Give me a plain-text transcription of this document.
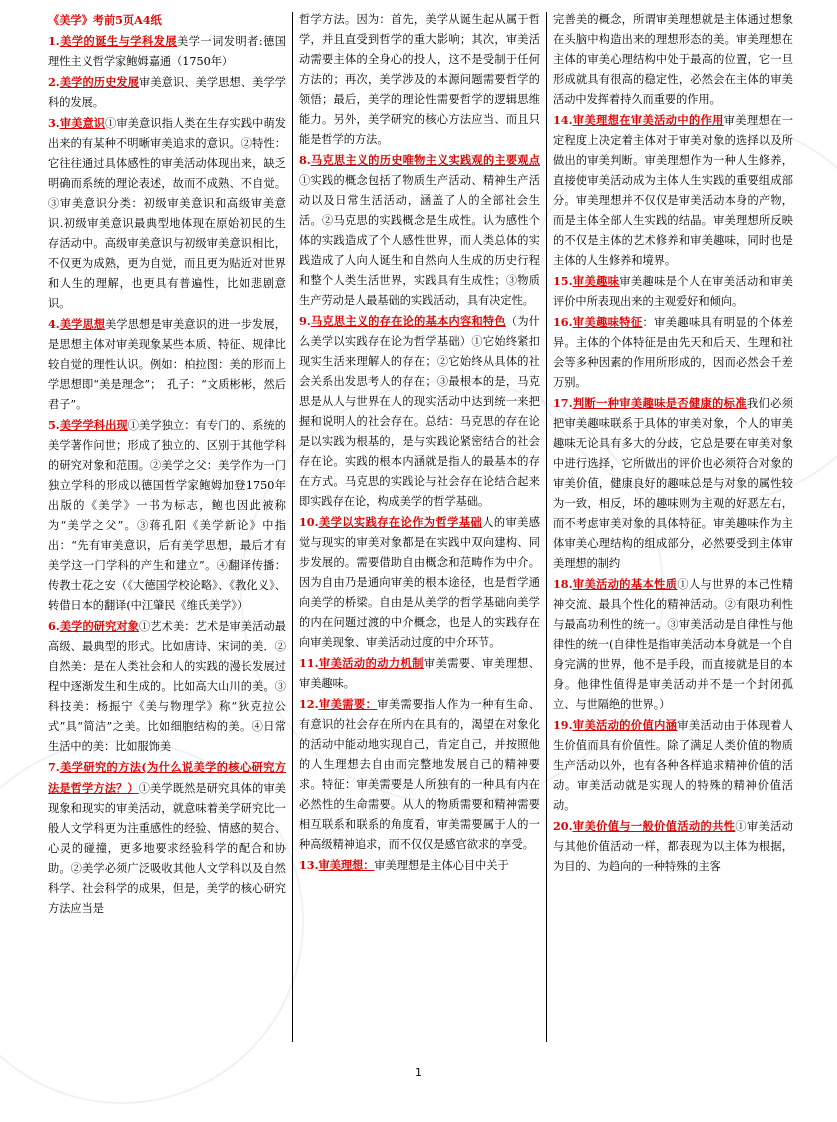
《美学》考前5页A4纸

1.美学的诞生与学科发展美学一词发明者:德国理性主义哲学家鲍姆嘉通（1750年）

2.美学的历史发展审美意识、美学思想、美学学科的发展。

3.审美意识①审美意识指人类在生存实践中萌发出来的有某种不明晰审美追求的意识。②特性：它往往通过具体感性的审美活动体现出来，缺乏明确而系统的理论表述，故而不成熟、不自觉。③审美意识分类：初级审美意识和高级审美意识.初级审美意识最典型地体现在原始初民的生存活动中。高级审美意识与初级审美意识相比，不仅更为成熟，更为自觉，而且更为贴近对世界和人生的理解，也更具有普遍性，比如悲剧意识。

4.美学思想美学思想是审美意识的进一步发展，是思想主体对审美现象某些本质、特征、规律比较自觉的理性认识。例如：柏拉图：美的形而上学思想即“美是理念”；　孔子：“文质彬彬，然后君子”。

5.美学学科出现①美学独立：有专门的、系统的美学著作问世；形成了独立的、区别于其他学科的研究对象和范围。②美学之父：美学作为一门独立学科的形成以德国哲学家鲍姆加登1750年出版的《美学》一书为标志，鲍也因此被称为“美学之父”。③蒋孔阳《美学新论》中指出：“先有审美意识，后有美学思想，最后才有美学这一门学科的产生和建立”。④翻译传播：传教士花之安（《大德国学校论略》、《教化义》、转借日本的翻译(中江肇民《维氏美学》）

6.美学的研究对象①艺术美：艺术是审美活动最高级、最典型的形式。比如唐诗、宋词的美．②自然美：是在人类社会和人的实践的漫长发展过程中逐渐发生和生成的。比如高大山川的美。③科技美：杨振宁《美与物理学》称“狄克拉公式”具“简洁”之美。比如细胞结构的美。④日常生活中的美：比如服饰美

7.美学研究的方法(为什么说美学的核心研究方法是哲学方法？）①美学既然是研究具体的审美现象和现实的审美活动，就意味着美学研究比一般人文学科更为注重感性的经验、情感的契合、心灵的碰撞，更多地要求经验科学的配合和协助。②美学必须广泛吸收其他人文学科以及自然科学、社会科学的成果，但是，美学的核心研究方法应当是

哲学方法。因为：首先，美学从诞生起从属于哲学，并且直受到哲学的重大影响；其次，审美活动需要主体的全身心的投人，这不是受制于任何方法的；再次，美学涉及的本源问题需要哲学的领悟；最后，美学的理论性需要哲学的逻辑思维能力。另外，美学研究的核心方法应当、而且只能是哲学的方法。

8.马克思主义的历史唯物主义实践观的主要观点①实践的概念包括了物质生产活动、精神生产活动以及日常生活活动，涵盖了人的全部社会生活。②马克思的实践概念是生成性。认为感性个体的实践造成了个人感性世界，而人类总体的实践造成了人向人诞生和自然向人生成的历史行程和整个人类生活世界，实践具有生成性；③物质生产劳动是人最基础的实践活动，具有决定性。

9.马克思主义的存在论的基本内容和特色（为什么美学以实践存在论为哲学基础）①它始终紧扣现实生活来理解人的存在；②它始终从具体的社会关系出发思考人的存在；③最根本的是，马克思是从人与世界在人的现实活动中达到统一来把握和说明人的社会存在。总结：马克思的存在论是以实践为根基的，是与实践论紧密结合的社会存在论。实践的根本内涵就是指人的最基本的存在方式。马克思的实践论与社会存在论结合起来即实践存在论，构成美学的哲学基础。

10.美学以实践存在论作为哲学基础人的审美感觉与现实的审美对象都是在实践中双向建构、同步发展的。需要借助自由概念和范畴作为中介。因为自由乃是通向审美的根本途径，也是哲学通向美学的桥梁。自由是从美学的哲学基础向美学的内在问题过渡的中介概念，也是人的实践存在向审美现象、审美活动过度的中介环节。

11.审美活动的动力机制审美需要、审美理想、审美趣味。

12.审美需要：审美需要指人作为一种有生命、有意识的社会存在所内在具有的，渴望在对象化的活动中能动地实现自己，肯定自己，并按照他的人生理想去自由而完整地发展自己的精神要求。特征：审美需要是人所独有的一种具有内在必然性的生命需要。从人的物质需要和精神需要相互联系和联系的角度看，审美需要属于人的一种高级精神追求，而不仅仅是感官欲求的享受。

13.审美理想：审美理想是主体心目中关于

完善美的概念，所谓审美理想就是主体通过想象在头脑中构造出来的理想形态的美。审美理想在主体的审美心理结构中处于最高的位置，它一旦形成就具有很高的稳定性，必然会在主体的审美活动中发挥着持久而重要的作用。

14.审美理想在审美活动中的作用审美理想在一定程度上决定着主体对于审美对象的选择以及所做出的审美判断。审美理想作为一种人生修养，直接使审美活动成为主体人生实践的重要组成部分。审美理想并不仅仅是审美活动本身的产物，而是主体全部人生实践的结晶。审美理想所反映的不仅是主体的艺术修养和审美趣味，同时也是主体的人生修养和境界。

15.审美趣味审美趣味是个人在审美活动和审美评价中所表现出来的主观爱好和倾向。

16.审美趣味特征：审美趣味具有明显的个体差异。主体的个体特征是由先天和后天、生理和社会等多种因素的作用所形成的，因而必然会千差万别。

17.判断一种审美趣味是否健康的标准我们必须把审美趣味联系于具体的审美对象，个人的审美趣味无论具有多大的分歧，它总是要在审美对象中进行选择，它所做出的评价也必须符合对象的审美价值，健康良好的趣味总是与对象的属性较为一致，相反，坏的趣味则为主观的好恶左右，而不考虑审美对象的具体特征。审美趣味作为主体审美心理结构的组成部分，必然要受到主体审美理想的制约

18.审美活动的基本性质①人与世界的本己性精神交流、最具个性化的精神活动。②有限功利性与最高功利性的统一。③审美活动是自律性与他律性的统一(自律性是指审美活动本身就是一个自身完满的世界，他不是手段，而直接就是目的本身。他律性值得是审美活动并不是一个封闭孤立、与世隔绝的世界。）

19.审美活动的价值内涵审美活动由于体现着人生价值而具有价值性。除了满足人类价值的物质生产活动以外，也有各种各样追求精神价值的活动。审美活动就是实现人的特殊的精神价值活动。

20.审美价值与一般价值活动的共性①审美活动与其他价值活动一样，都表现为以主体为根据，为目的、为趋向的一种特殊的主客

1
